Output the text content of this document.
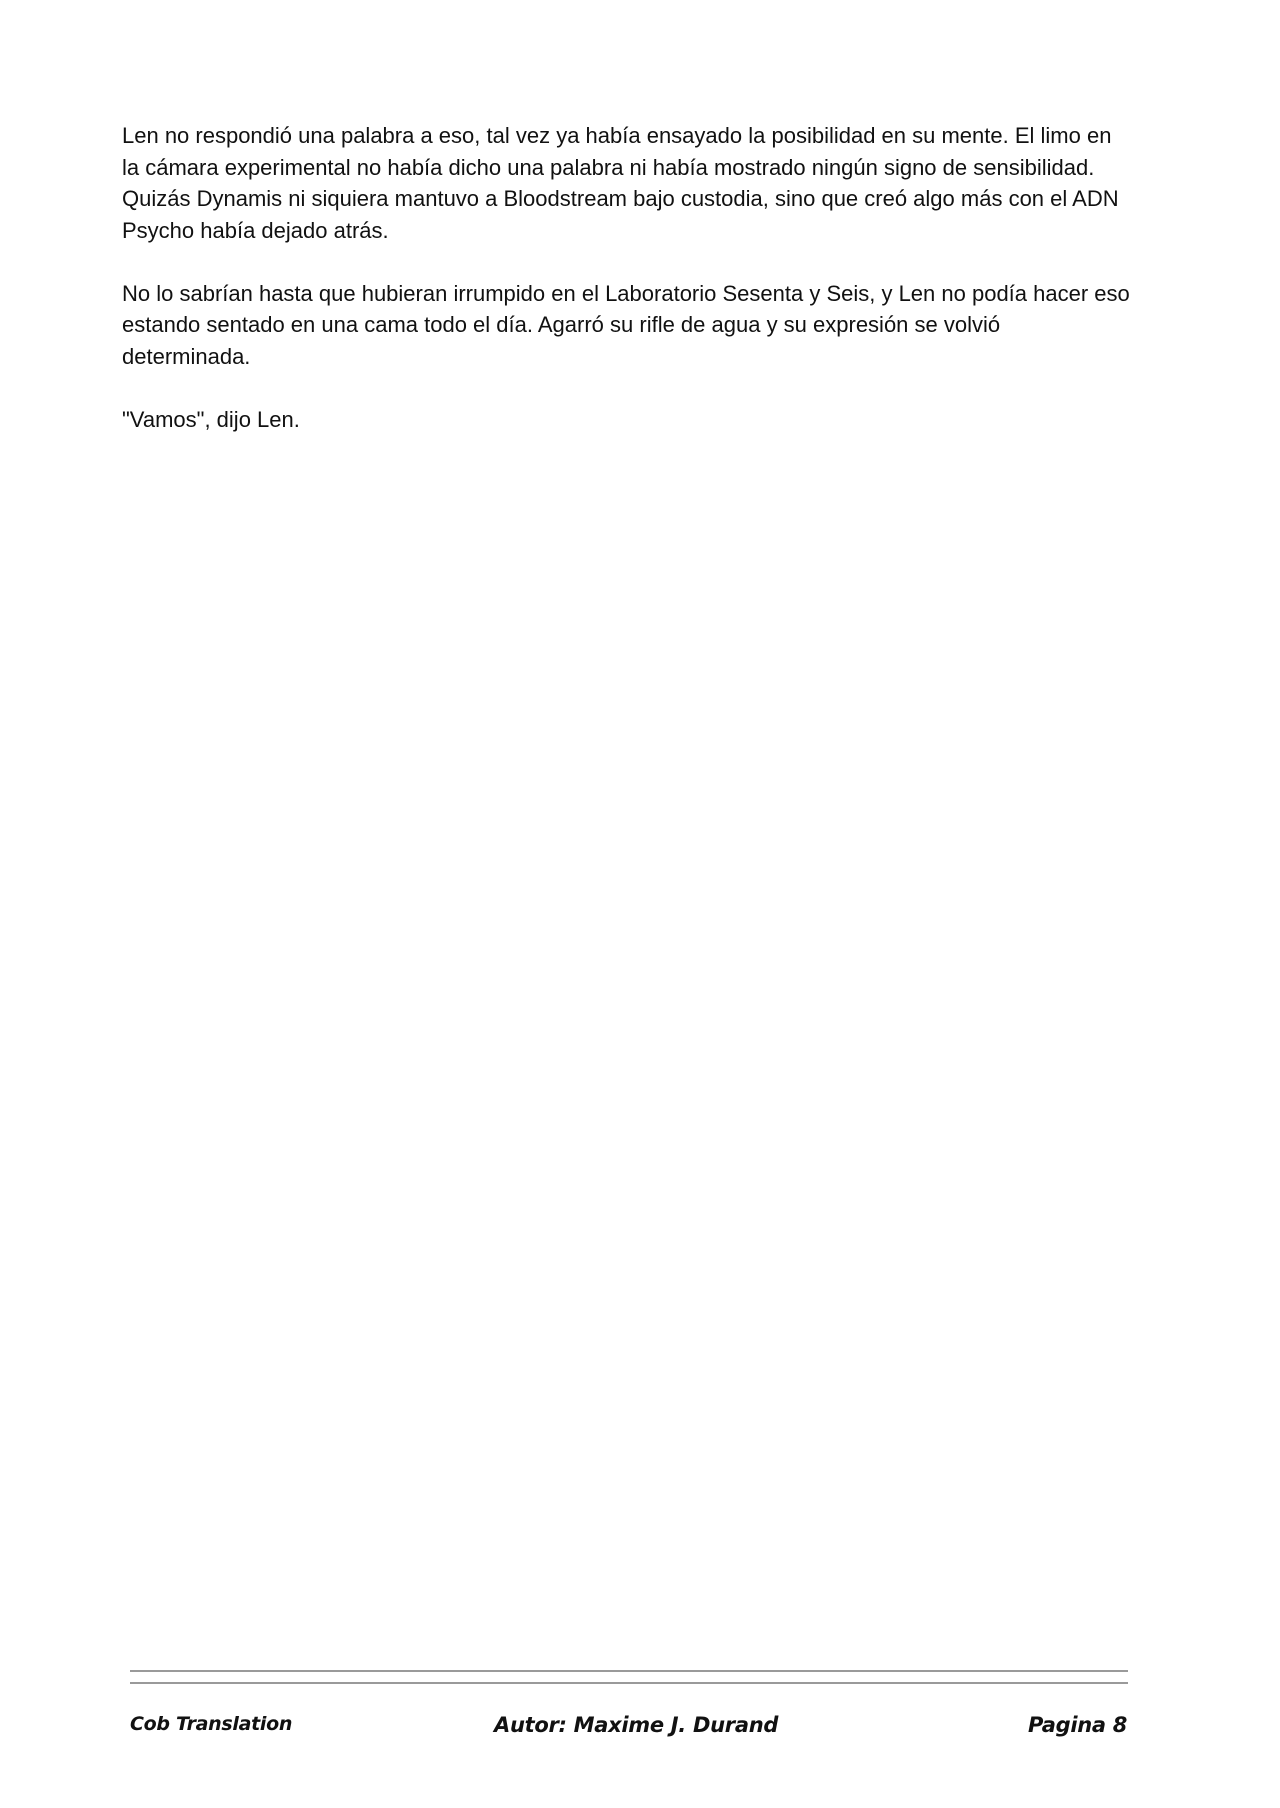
Len no respondió una palabra a eso, tal vez ya había ensayado la posibilidad en su mente. El limo en la cámara experimental no había dicho una palabra ni había mostrado ningún signo de sensibilidad. Quizás Dynamis ni siquiera mantuvo a Bloodstream bajo custodia, sino que creó algo más con el ADN Psycho había dejado atrás.

No lo sabrían hasta que hubieran irrumpido en el Laboratorio Sesenta y Seis, y Len no podía hacer eso estando sentado en una cama todo el día. Agarró su rifle de agua y su expresión se volvió determinada.

"Vamos", dijo Len.

Cob Translation	Autor: Maxime J. Durand	Pagina 8
